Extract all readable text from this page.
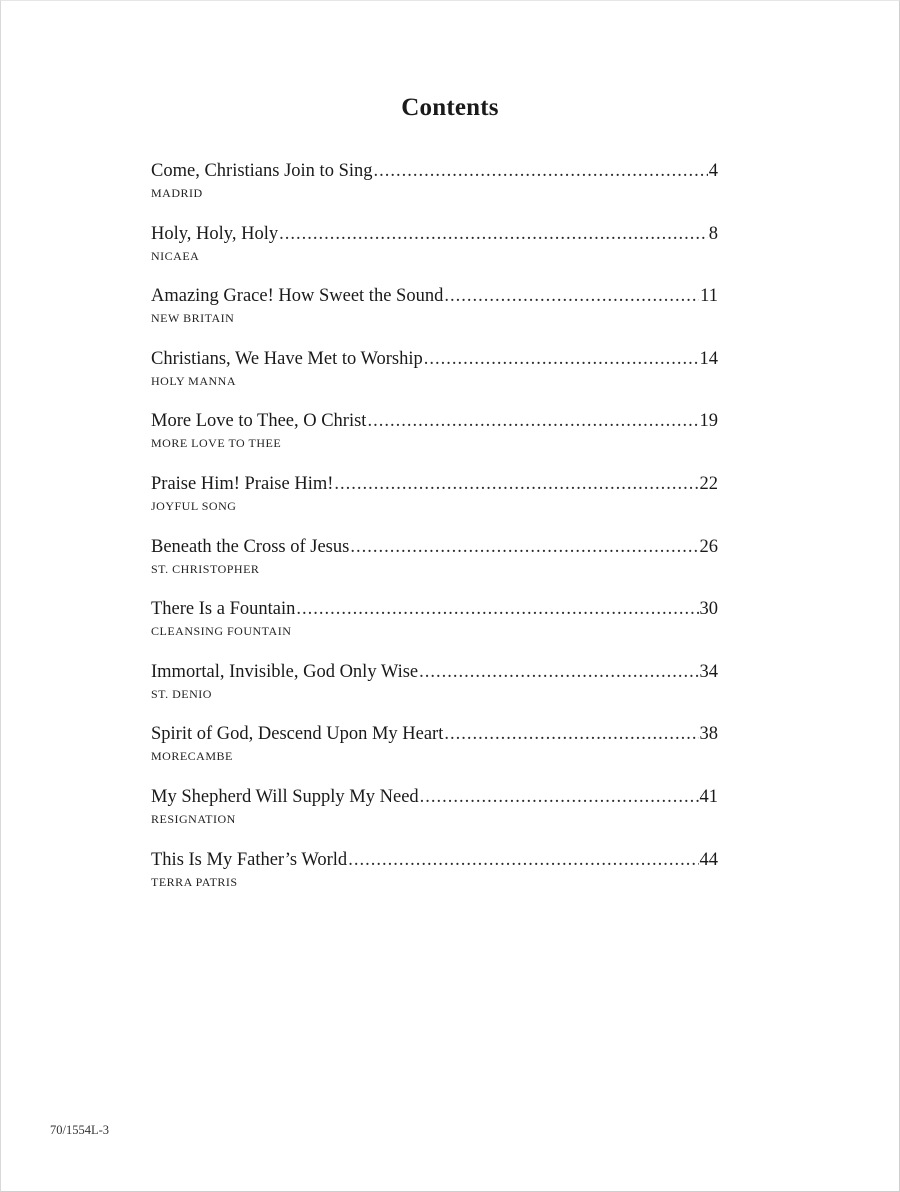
Contents
Come, Christians Join to Sing .....	4
MADRID
Holy, Holy, Holy .....	8
NICAEA
Amazing Grace! How Sweet the Sound .....	11
NEW BRITAIN
Christians, We Have Met to Worship .....	14
HOLY MANNA
More Love to Thee, O Christ .....	19
MORE LOVE TO THEE
Praise Him! Praise Him! .....	22
JOYFUL SONG
Beneath the Cross of Jesus .....	26
ST. CHRISTOPHER
There Is a Fountain .....	30
CLEANSING FOUNTAIN
Immortal, Invisible, God Only Wise .....	34
ST. DENIO
Spirit of God, Descend Upon My Heart .....	38
MORECAMBE
My Shepherd Will Supply My Need .....	41
RESIGNATION
This Is My Father’s World .....	44
TERRA PATRIS
70/1554L-3
